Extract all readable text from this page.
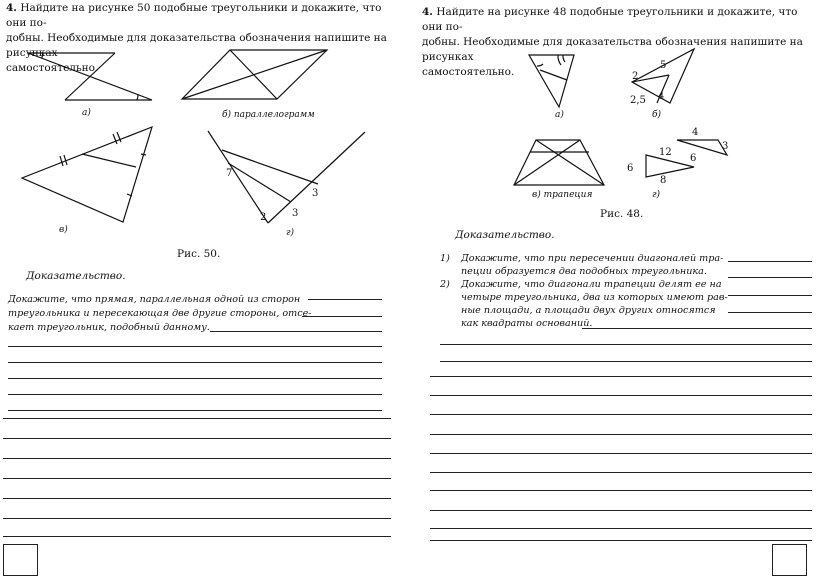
4. Найдите на рисунке 50 подобные треугольники и докажите, что они по-
добны. Необходимые для доказательства обозначения напишите на рисунках
самостоятельно.
а)	б) параллелограмм
в)
7
3
2	3
г)
Рис. 50.
Доказательство.
Докажите, что прямая, параллельная одной из сторон
треугольника и пересекающая две другие стороны, отсе-
кает треугольник, подобный данному.
4. Найдите на рисунке 48 подобные треугольники и докажите, что они по-
добны. Необходимые для доказательства обозначения напишите на рисунках
самостоятельно.
а)
5
2
4
2,5
б)
в) трапеция
4
3
12
6
6
8
г)
Рис. 48.
Доказательство.
1) Докажите, что при пересечении диагоналей тра-
пеции образуется два подобных треугольника.
2) Докажите, что диагонали трапеции делят ее на
четыре треугольника, два из которых имеют рав-
ные площади, а площади двух других относятся
как квадраты оснований.
